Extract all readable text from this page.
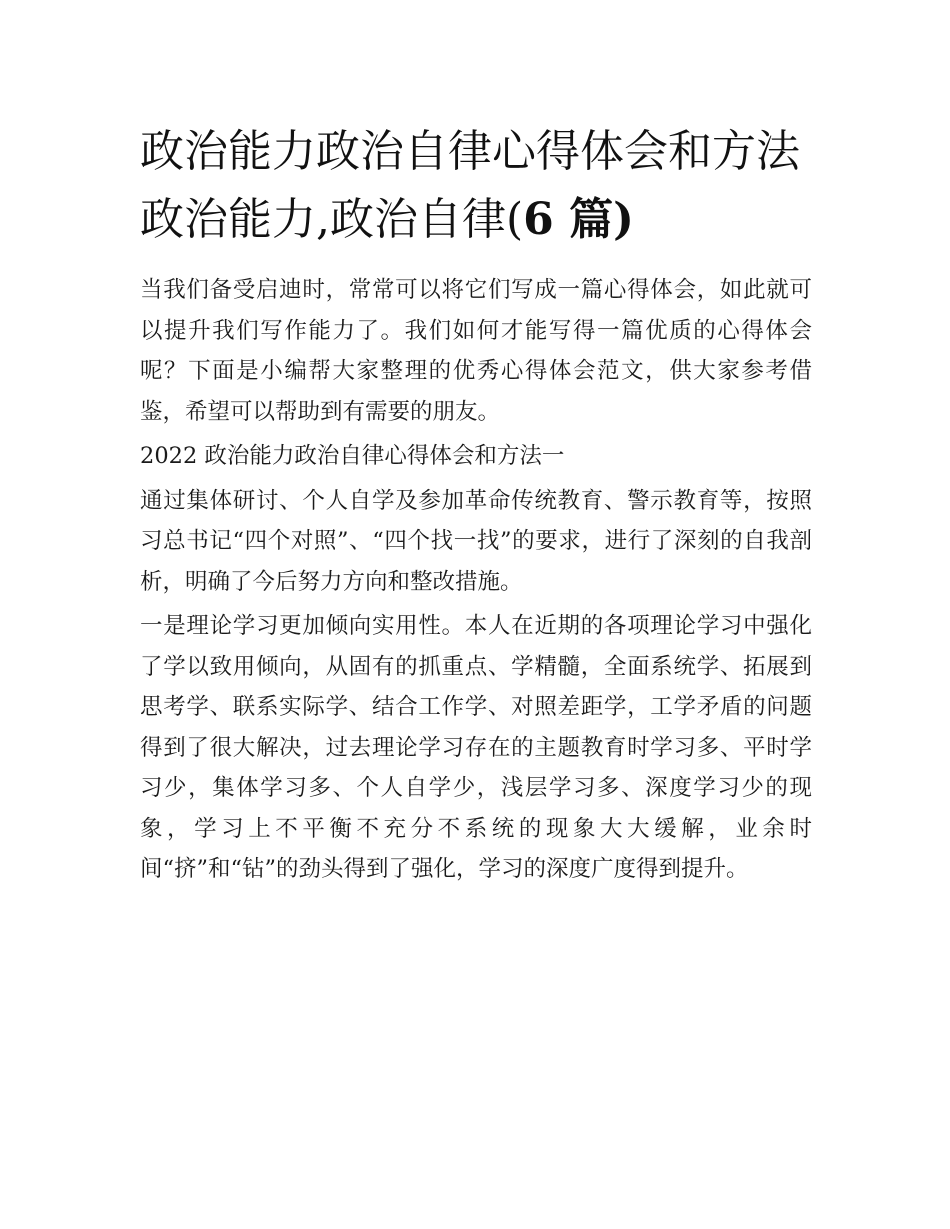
政治能力政治自律心得体会和方法 政治能力,政治自律(6 篇)

当我们备受启迪时，常常可以将它们写成一篇心得体会，如此就可以提升我们写作能力了。我们如何才能写得一篇优质的心得体会呢？下面是小编帮大家整理的优秀心得体会范文，供大家参考借鉴，希望可以帮助到有需要的朋友。

2022 政治能力政治自律心得体会和方法一

通过集体研讨、个人自学及参加革命传统教育、警示教育等，按照习总书记“四个对照”、“四个找一找”的要求，进行了深刻的自我剖析，明确了今后努力方向和整改措施。

一是理论学习更加倾向实用性。本人在近期的各项理论学习中强化了学以致用倾向，从固有的抓重点、学精髓，全面系统学、拓展到思考学、联系实际学、结合工作学、对照差距学，工学矛盾的问题得到了很大解决，过去理论学习存在的主题教育时学习多、平时学习少，集体学习多、个人自学少，浅层学习多、深度学习少的现象，学习上不平衡不充分不系统的现象大大缓解，业余时间“挤”和“钻”的劲头得到了强化，学习的深度广度得到提升。
